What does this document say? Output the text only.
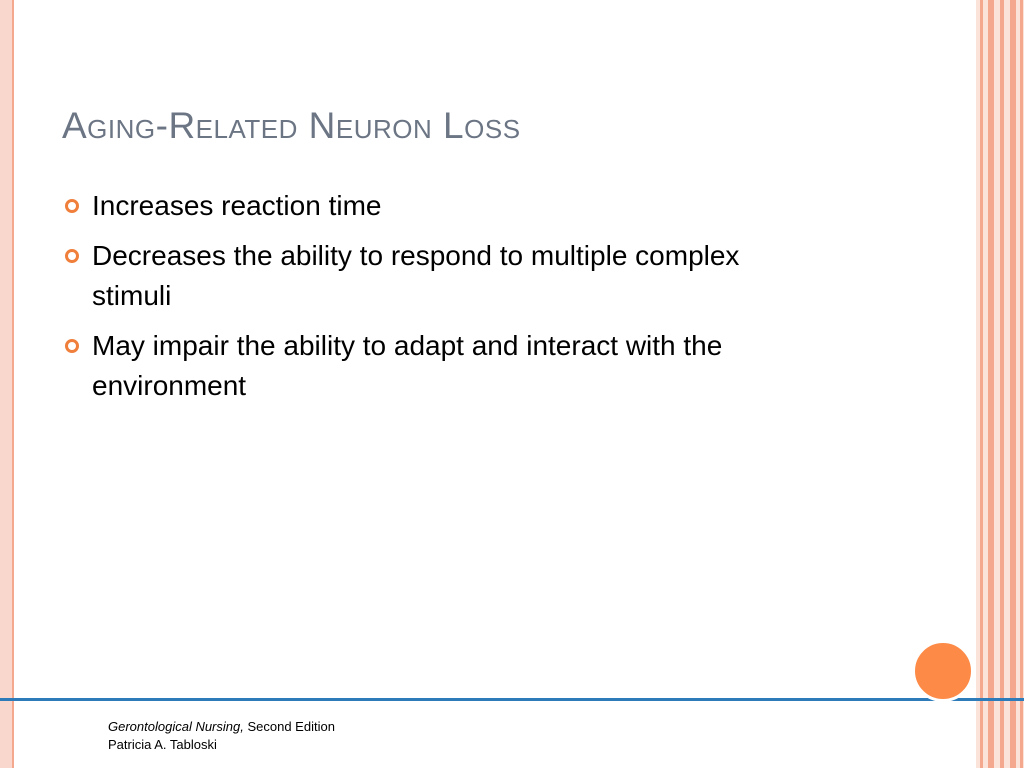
Aging-Related Neuron Loss
Increases reaction time
Decreases the ability to respond to multiple complex stimuli
May impair the ability to adapt and interact with the environment
Gerontological Nursing, Second Edition
Patricia A. Tabloski
